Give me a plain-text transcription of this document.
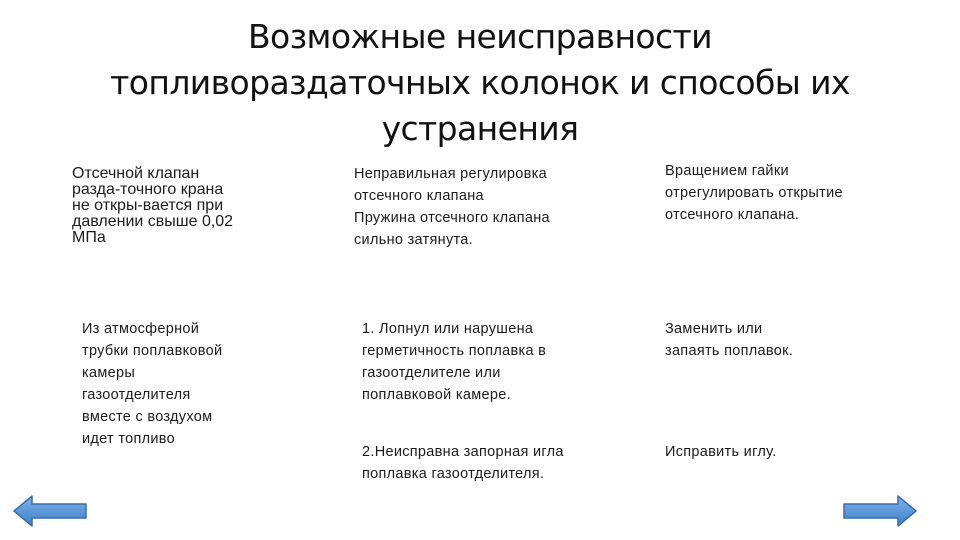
Возможные неисправности
топливораздаточных колонок и способы их
устранения
Отсечной клапан
разда-точного крана
не откры-вается при
давлении свыше 0,02
МПа
Неправильная регулировка
отсечного клапана
Пружина отсечного клапана
сильно затянута.
Вращением гайки
отрегулировать открытие
отсечного клапана.
Из атмосферной
трубки поплавковой
камеры
газоотделителя
вместе с воздухом
идет топливо
1. Лопнул или нарушена
герметичность поплавка в
газоотделителе или
поплавковой камере.
Заменить или
запаять поплавок.
2.Неисправна запорная игла
поплавка газоотделителя.
Исправить иглу.
